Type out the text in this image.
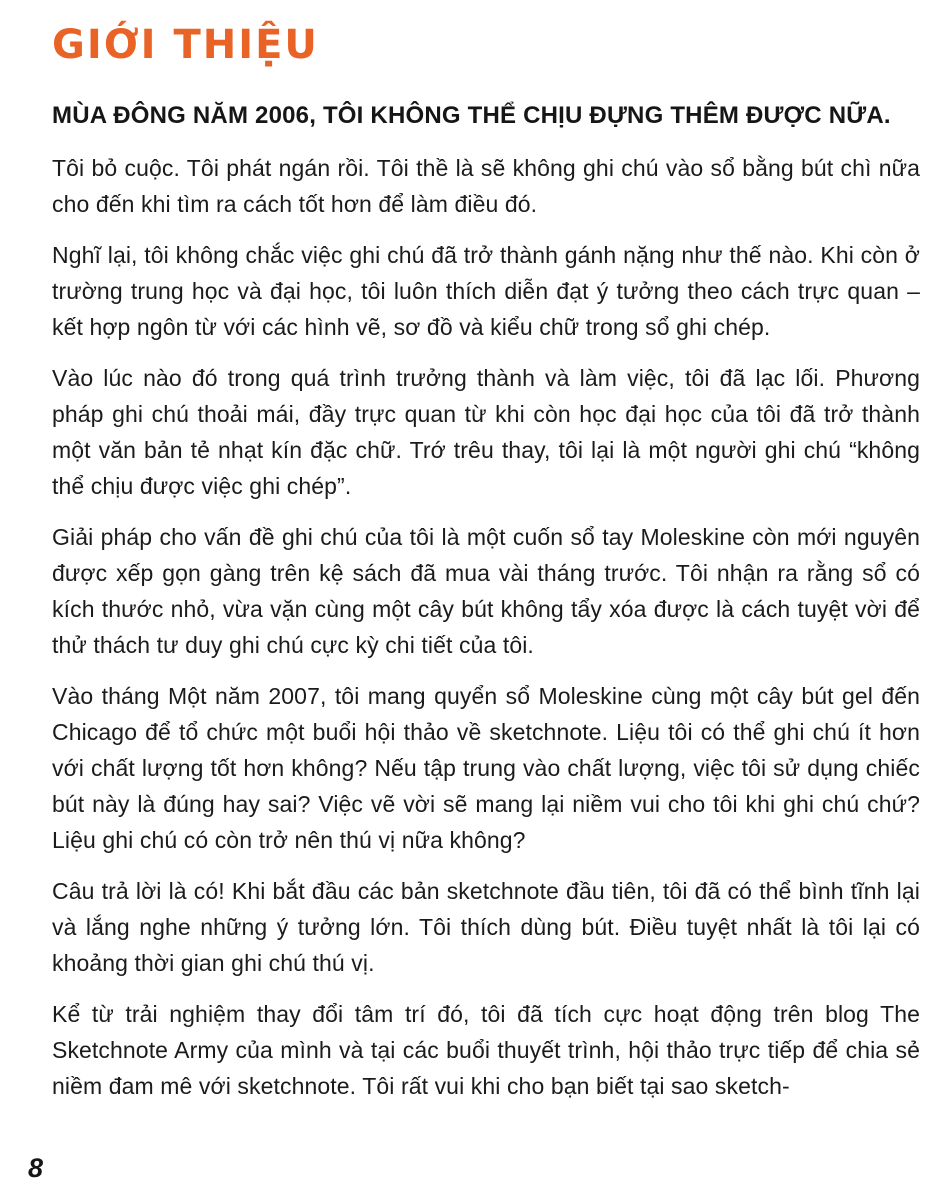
GIỚI THIỆU
MÙA ĐÔNG NĂM 2006, TÔI KHÔNG THỂ CHỊU ĐỰNG THÊM ĐƯỢC NỮA.

Tôi bỏ cuộc. Tôi phát ngán rồi. Tôi thề là sẽ không ghi chú vào sổ bằng bút chì nữa cho đến khi tìm ra cách tốt hơn để làm điều đó.

Nghĩ lại, tôi không chắc việc ghi chú đã trở thành gánh nặng như thế nào. Khi còn ở trường trung học và đại học, tôi luôn thích diễn đạt ý tưởng theo cách trực quan – kết hợp ngôn từ với các hình vẽ, sơ đồ và kiểu chữ trong sổ ghi chép.

Vào lúc nào đó trong quá trình trưởng thành và làm việc, tôi đã lạc lối. Phương pháp ghi chú thoải mái, đầy trực quan từ khi còn học đại học của tôi đã trở thành một văn bản tẻ nhạt kín đặc chữ. Trớ trêu thay, tôi lại là một người ghi chú “không thể chịu được việc ghi chép”.

Giải pháp cho vấn đề ghi chú của tôi là một cuốn sổ tay Moleskine còn mới nguyên được xếp gọn gàng trên kệ sách đã mua vài tháng trước. Tôi nhận ra rằng sổ có kích thước nhỏ, vừa vặn cùng một cây bút không tẩy xóa được là cách tuyệt vời để thử thách tư duy ghi chú cực kỳ chi tiết của tôi.

Vào tháng Một năm 2007, tôi mang quyển sổ Moleskine cùng một cây bút gel đến Chicago để tổ chức một buổi hội thảo về sketchnote. Liệu tôi có thể ghi chú ít hơn với chất lượng tốt hơn không? Nếu tập trung vào chất lượng, việc tôi sử dụng chiếc bút này là đúng hay sai? Việc vẽ vời sẽ mang lại niềm vui cho tôi khi ghi chú chứ? Liệu ghi chú có còn trở nên thú vị nữa không?

Câu trả lời là có! Khi bắt đầu các bản sketchnote đầu tiên, tôi đã có thể bình tĩnh lại và lắng nghe những ý tưởng lớn. Tôi thích dùng bút. Điều tuyệt nhất là tôi lại có khoảng thời gian ghi chú thú vị.

Kể từ trải nghiệm thay đổi tâm trí đó, tôi đã tích cực hoạt động trên blog The Sketchnote Army của mình và tại các buổi thuyết trình, hội thảo trực tiếp để chia sẻ niềm đam mê với sketchnote. Tôi rất vui khi cho bạn biết tại sao sketch-

8
